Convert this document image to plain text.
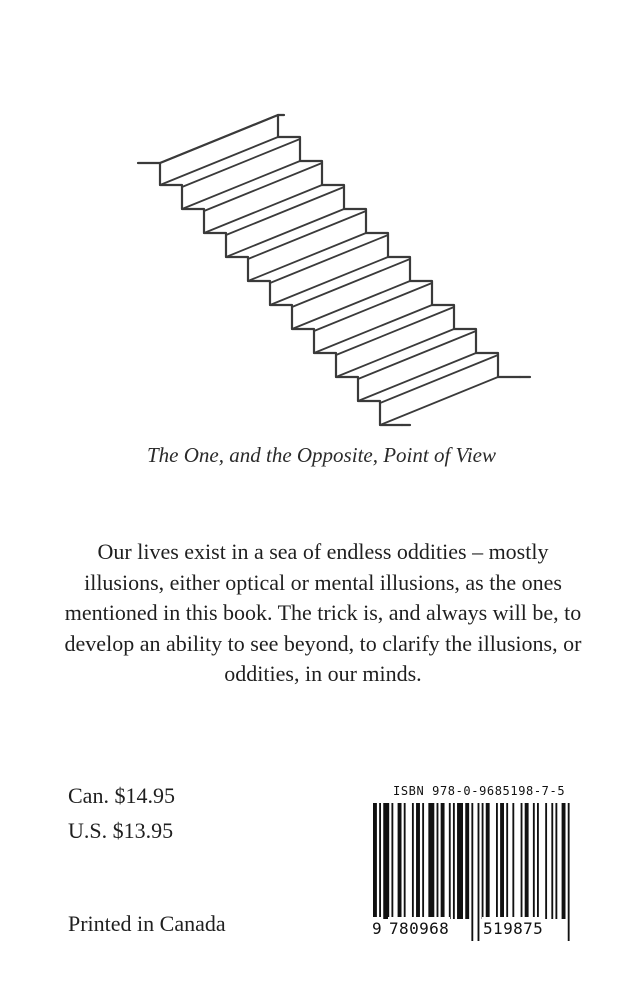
The One, and the Opposite, Point of View

Our lives exist in a sea of endless oddities – mostly illusions, either optical or mental illusions, as the ones mentioned in this book. The trick is, and always will be, to develop an ability to see beyond, to clarify the illusions, or oddities, in our minds.

Can. $14.95

U.S. $13.95

Printed in Canada

ISBN 978-0-9685198-7-5

9 780968 519875
